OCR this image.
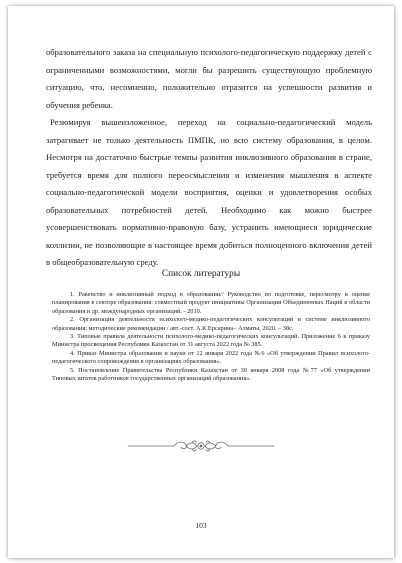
образовательного заказа на специальную психолого-педагогическую поддержку детей с ограниченными возможностями, могли бы разрешить существующую проблемную ситуацию, что, несомненно, положительно отразится на успешности развития и обучения ребенка.

Резюмируя вышеизложенное, переход на социально-педагогический модель затрагивает не только деятельность ПМПК, но всю систему образования, в целом. Несмотря на достаточно быстрые темпы развития инклюзивного образования в стране, требуется время для полного переосмысления и изменения мышления в аспекте социально-педагогической модели восприятия, оценки и удовлетворения особых образовательных потребностей детей. Необходимо как можно быстрее усовершенствовать нормативно-правовую базу, устранить имеющиеся юридические коллизии, не позволяющие в настоящее время добиться полноценного включения детей в общеобразовательную среду.

Список литературы

1. Равенство и инклюзивный подход в образовании// Руководство по подготовке, пересмотру и оценке планирования в секторе образования: совместный продукт инициативы Организации Объединенных Наций в области образования и др. международных организаций. - 2010.

2. Организация деятельности психолого-медико-педагогических консультаций в системе инклюзивного образования: методические рекомендации / авт.-сост. А.К.Ерсарина– Алматы, 2020. – 38с.

3. Типовые правила деятельности психолого-медико-педагогических консультаций. Приложение 6 к приказу Министра просвещения Республики Казахстан от 31 августа 2022 года № 385.

4. Приказ Министра образования и науки от 12 января 2022 года №6 «Об утверждении Правил психолого-педагогического сопровождения в организациях образования».

5. Постановление Правительства Республики Казахстан от 30 января 2008 года №77 «Об утверждении Типовых штатов работников государственных организаций образования».

103
